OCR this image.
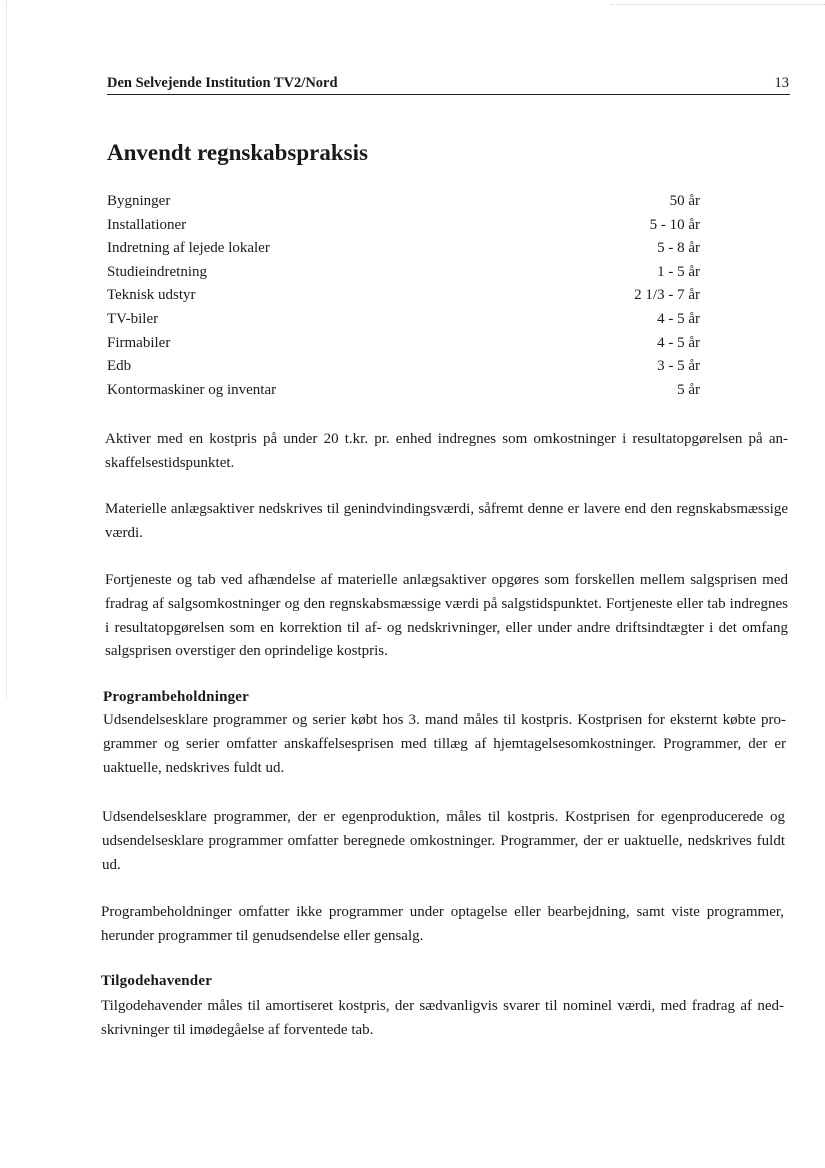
Den Selvejende Institution TV2/Nord	13
Anvendt regnskabspraksis
Bygninger	50 år
Installationer	5 - 10 år
Indretning af lejede lokaler	5 - 8 år
Studieindretning	1 - 5 år
Teknisk udstyr	2 1/3 - 7 år
TV-biler	4 - 5 år
Firmabiler	4 - 5 år
Edb	3 - 5 år
Kontormaskiner og inventar	5 år

Aktiver med en kostpris på under 20 t.kr. pr. enhed indregnes som omkostninger i resultatopgørelsen på anskaffelsestidspunktet.

Materielle anlægsaktiver nedskrives til genindvindingsværdi, såfremt denne er lavere end den regnskabsmæssige værdi.

Fortjeneste og tab ved afhændelse af materielle anlægsaktiver opgøres som forskellen mellem salgsprisen med fradrag af salgsomkostninger og den regnskabsmæssige værdi på salgstidspunktet. Fortjeneste eller tab indregnes i resultatopgørelsen som en korrektion til af- og nedskrivninger, eller under andre driftsindtægter i det omfang salgsprisen overstiger den oprindelige kostpris.

Programbeholdninger

Udsendelsesklare programmer og serier købt hos 3. mand måles til kostpris. Kostprisen for eksternt købte programmer og serier omfatter anskaffelsesprisen med tillæg af hjemtagelsesomkostninger. Programmer, der er uaktuelle, nedskrives fuldt ud.

Udsendelsesklare programmer, der er egenproduktion, måles til kostpris. Kostprisen for egenproducerede og udsendelsesklare programmer omfatter beregnede omkostninger. Programmer, der er uaktuelle, nedskrives fuldt ud.

Programbeholdninger omfatter ikke programmer under optagelse eller bearbejdning, samt viste programmer, herunder programmer til genudsendelse eller gensalg.

Tilgodehavender

Tilgodehavender måles til amortiseret kostpris, der sædvanligvis svarer til nominel værdi, med fradrag af nedskrivninger til imødegåelse af forventede tab.
